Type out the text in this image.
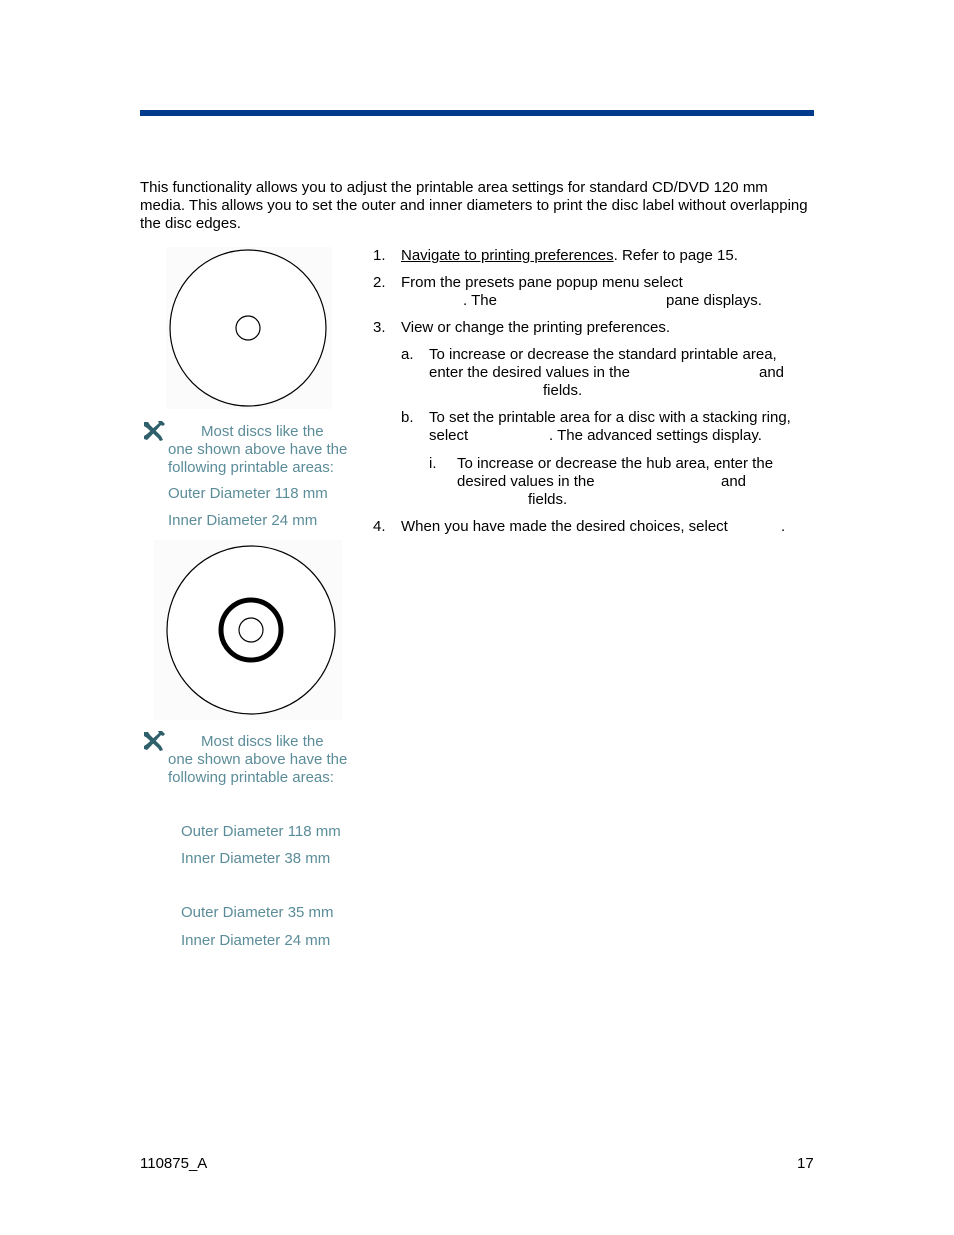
This functionality allows you to adjust the printable area settings for standard CD/DVD 120 mm media. This allows you to set the outer and inner diameters to print the disc label without overlapping the disc edges.
Most discs like the
one shown above have the
following printable areas:
Outer Diameter 118 mm
Inner Diameter 24 mm
Most discs like the
one shown above have the
following printable areas:
Outer Diameter 118 mm
Inner Diameter 38 mm
Outer Diameter 35 mm
Inner Diameter 24 mm
1. Navigate to printing preferences. Refer to page 15.
2. From the presets pane popup menu select
. The	pane displays.
3. View or change the printing preferences.
a. To increase or decrease the standard printable area,
enter the desired values in the	and
fields.
b. To set the printable area for a disc with a stacking ring,
select	. The advanced settings display.
i. To increase or decrease the hub area, enter the
desired values in the	and
fields.
4. When you have made the desired choices, select	.
110875_A	17
